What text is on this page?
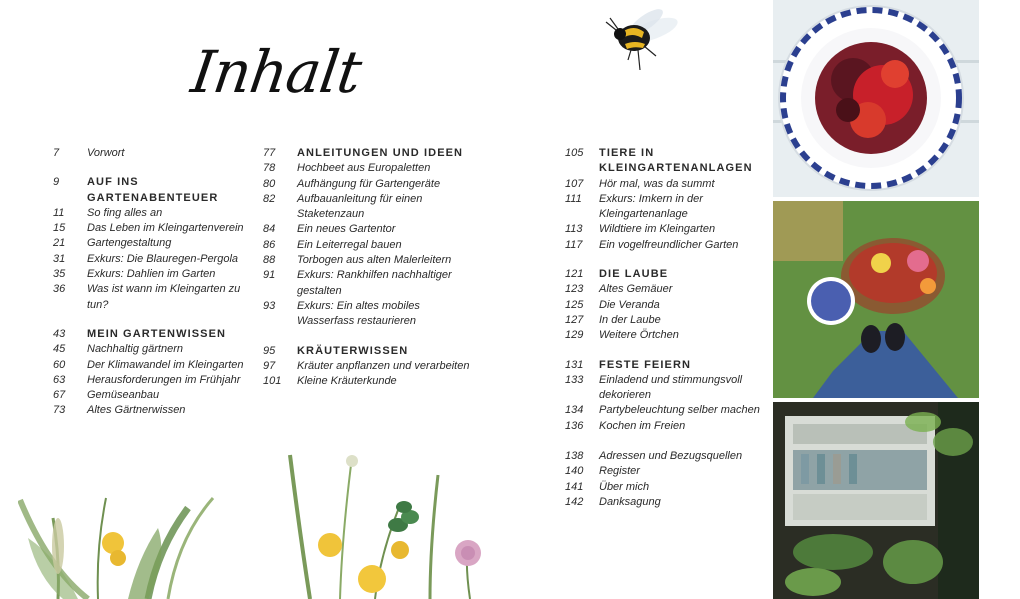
Inhalt
7	Vorwort
9	AUF INS GARTENABENTEUER
11 So fing alles an
15 Das Leben im Kleingartenverein
21 Gartengestaltung
31 Exkurs: Die Blauregen-Pergola
35 Exkurs: Dahlien im Garten
36 Was ist wann im Kleingarten zu tun?
43 MEIN GARTENWISSEN
45 Nachhaltig gärtnern
60 Der Klimawandel im Kleingarten
63 Herausforderungen im Frühjahr
67 Gemüseanbau
73 Altes Gärtnerwissen
77 ANLEITUNGEN UND IDEEN
78 Hochbeet aus Europaletten
80 Aufhängung für Gartengeräte
82 Aufbauanleitung für einen Staketenzaun
84 Ein neues Gartentor
86 Ein Leiterregal bauen
88 Torbogen aus alten Malerleitern
91 Exkurs: Rankhilfen nachhaltiger gestalten
93 Exkurs: Ein altes mobiles Wasserfass restaurieren
95 KRÄUTERWISSEN
97 Kräuter anpflanzen und verarbeiten
101 Kleine Kräuterkunde
105 TIERE IN KLEINGARTENANLAGEN
107 Hör mal, was da summt
111 Exkurs: Imkern in der Kleingartenanlage
113 Wildtiere im Kleingarten
117 Ein vogelfreundlicher Garten
121 DIE LAUBE
123 Altes Gemäuer
125 Die Veranda
127 In der Laube
129 Weitere Örtchen
131 FESTE FEIERN
133 Einladend und stimmungsvoll dekorieren
134 Partybeleuchtung selber machen
136 Kochen im Freien
138 Adressen und Bezugsquellen
140 Register
141 Über mich
142 Danksagung
